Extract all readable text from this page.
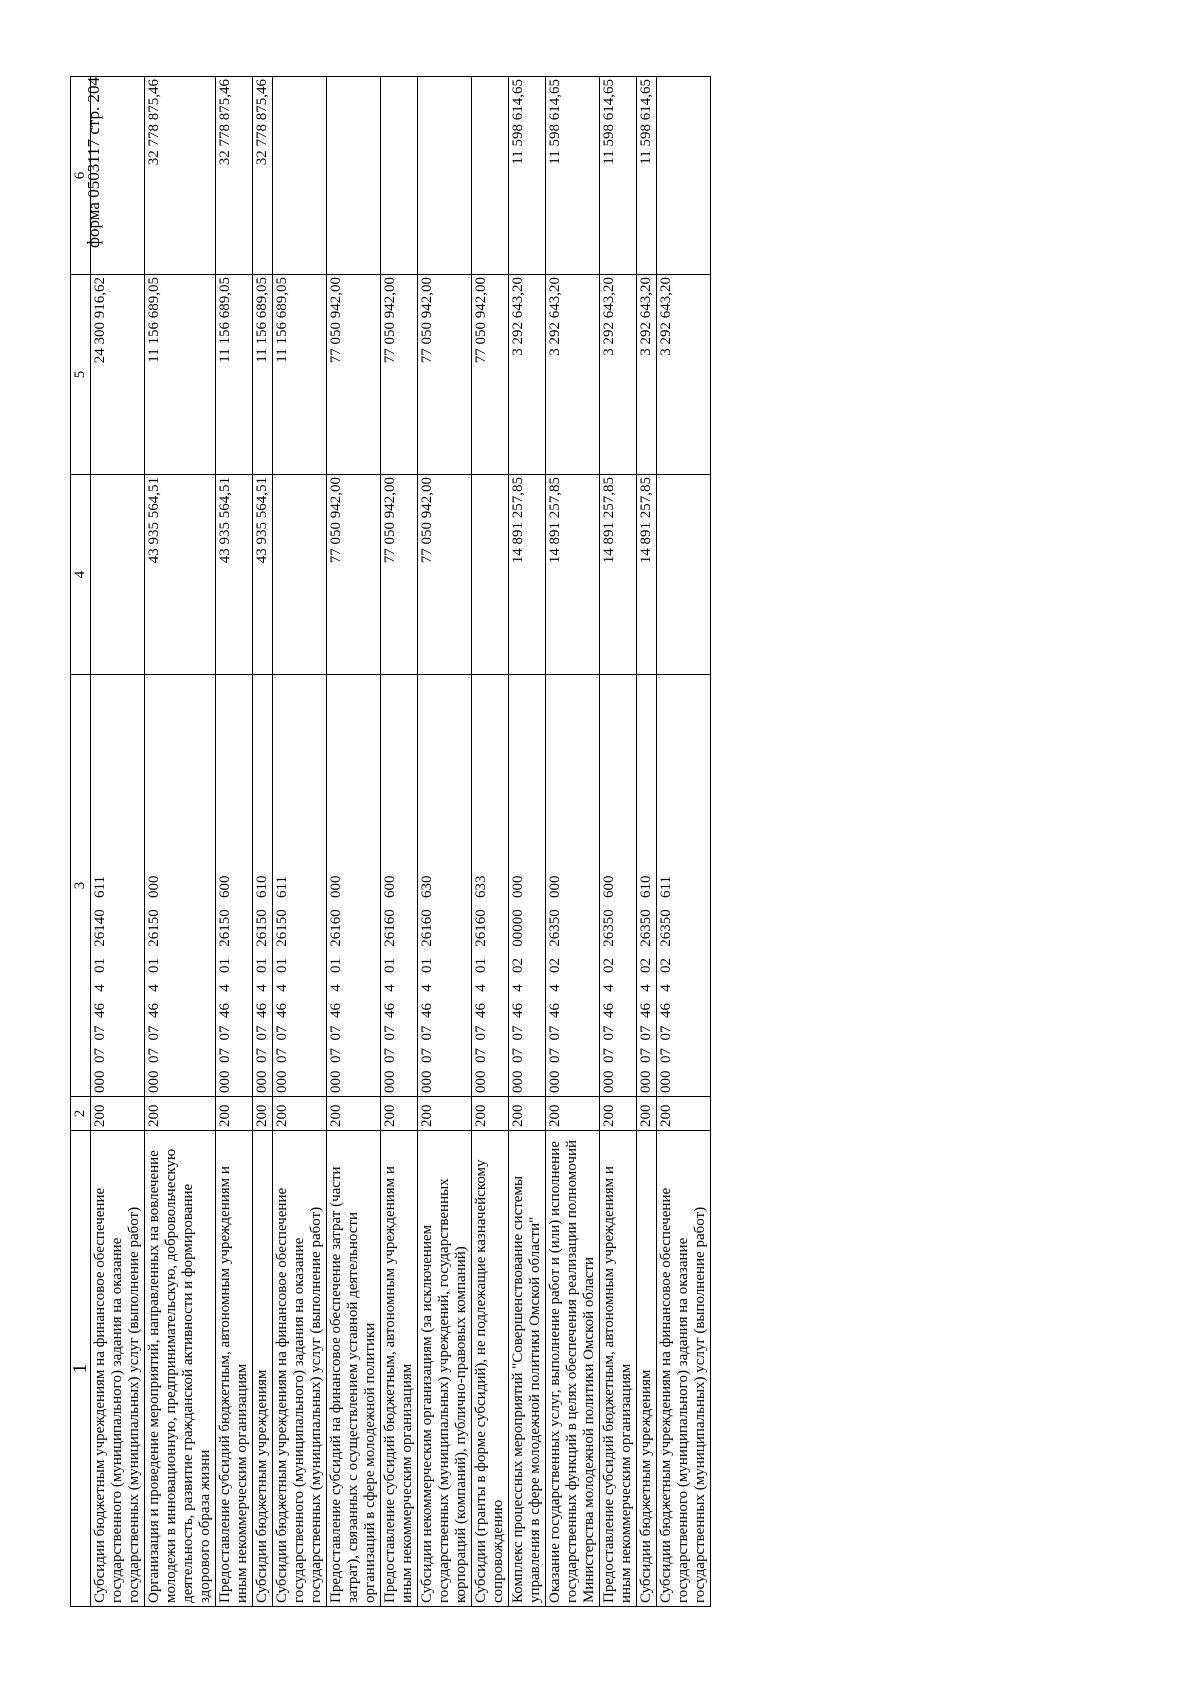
форма 0503117 стр. 204
1	2	3	4	5	6
Субсидии бюджетным учреждениям на финансовое обеспечение государственного (муниципального) задания на оказание государственных (муниципальных) услуг (выполнение работ)	200	000  07  07  46   4   01   26140   611		24 300 916,62	
Организация и проведение мероприятий, направленных на вовлечение молодежи в инновационную, предпринимательскую, добровольческую деятельность, развитие гражданской активности и формирование здорового образа жизни	200	000  07  07  46   4   01   26150   000	43 935 564,51	11 156 689,05	32 778 875,46
Предоставление субсидий бюджетным, автономным учреждениям и иным некоммерческим организациям	200	000  07  07  46   4   01   26150   600	43 935 564,51	11 156 689,05	32 778 875,46
Субсидии бюджетным учреждениям	200	000  07  07  46   4   01   26150   610	43 935 564,51	11 156 689,05	32 778 875,46
Субсидии бюджетным учреждениям на финансовое обеспечение государственного (муниципального) задания на оказание государственных (муниципальных) услуг (выполнение работ)	200	000  07  07  46   4   01   26150   611		11 156 689,05	
Предоставление субсидий на финансовое обеспечение затрат (части затрат), связанных с осуществлением уставной деятельности организаций в сфере молодежной политики	200	000  07  07  46   4   01   26160   000	77 050 942,00	77 050 942,00	
Предоставление субсидий бюджетным, автономным учреждениям и иным некоммерческим организациям	200	000  07  07  46   4   01   26160   600	77 050 942,00	77 050 942,00	
Субсидии некоммерческим организациям (за исключением государственных (муниципальных) учреждений, государственных корпораций (компаний), публично-правовых компаний)	200	000  07  07  46   4   01   26160   630	77 050 942,00	77 050 942,00	
Субсидии (гранты в форме субсидий), не подлежащие казначейскому сопровождению	200	000  07  07  46   4   01   26160   633		77 050 942,00	
Комплекс процессных мероприятий "Совершенствование системы управления в сфере молодежной политики Омской области"	200	000  07  07  46   4   02   00000   000	14 891 257,85	3 292 643,20	11 598 614,65
Оказание государственных услуг, выполнение работ и (или) исполнение государственных функций в целях обеспечения реализации полномочий Министерства молодежной политики Омской области	200	000  07  07  46   4   02   26350   000	14 891 257,85	3 292 643,20	11 598 614,65
Предоставление субсидий бюджетным, автономным учреждениям и иным некоммерческим организациям	200	000  07  07  46   4   02   26350   600	14 891 257,85	3 292 643,20	11 598 614,65
Субсидии бюджетным учреждениям	200	000  07  07  46   4   02   26350   610	14 891 257,85	3 292 643,20	11 598 614,65
Субсидии бюджетным учреждениям на финансовое обеспечение государственного (муниципального) задания на оказание государственных (муниципальных) услуг (выполнение работ)	200	000  07  07  46   4   02   26350   611		3 292 643,20	
